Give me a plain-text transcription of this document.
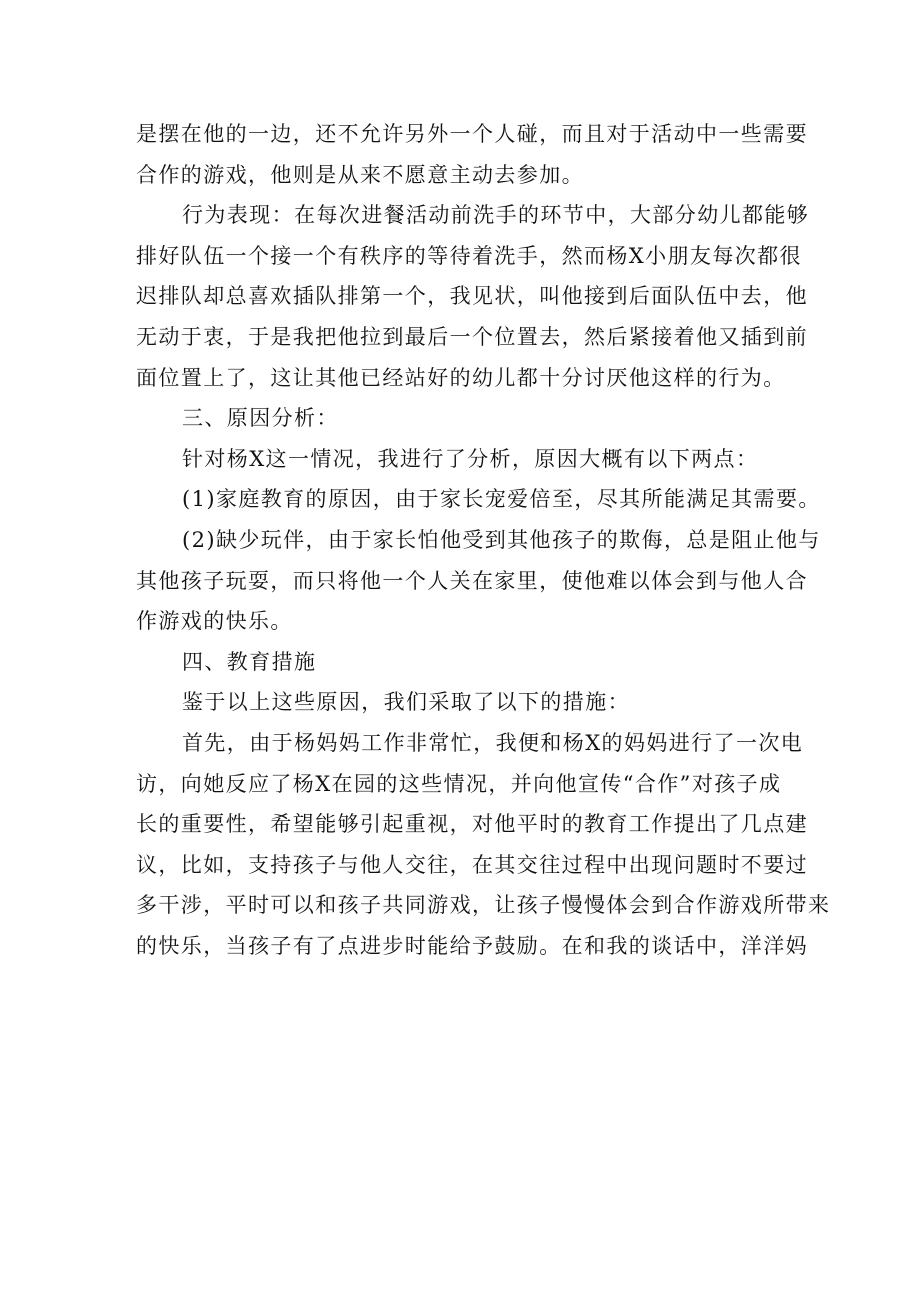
是摆在他的一边，还不允许另外一个人碰，而且对于活动中一些需要
合作的游戏，他则是从来不愿意主动去参加。
行为表现：在每次进餐活动前洗手的环节中，大部分幼儿都能够
排好队伍一个接一个有秩序的等待着洗手，然而杨X小朋友每次都很
迟排队却总喜欢插队排第一个，我见状，叫他接到后面队伍中去，他
无动于衷，于是我把他拉到最后一个位置去，然后紧接着他又插到前
面位置上了，这让其他已经站好的幼儿都十分讨厌他这样的行为。
三、原因分析：
针对杨X这一情况，我进行了分析，原因大概有以下两点：
(1)家庭教育的原因，由于家长宠爱倍至，尽其所能满足其需要。
(2)缺少玩伴，由于家长怕他受到其他孩子的欺侮，总是阻止他与
其他孩子玩耍，而只将他一个人关在家里，使他难以体会到与他人合
作游戏的快乐。
四、教育措施
鉴于以上这些原因，我们采取了以下的措施：
首先，由于杨妈妈工作非常忙，我便和杨X的妈妈进行了一次电
访，向她反应了杨X在园的这些情况，并向他宣传“合作”对孩子成
长的重要性，希望能够引起重视，对他平时的教育工作提出了几点建
议，比如，支持孩子与他人交往，在其交往过程中出现问题时不要过
多干涉，平时可以和孩子共同游戏，让孩子慢慢体会到合作游戏所带来
的快乐，当孩子有了点进步时能给予鼓励。在和我的谈话中，洋洋妈
